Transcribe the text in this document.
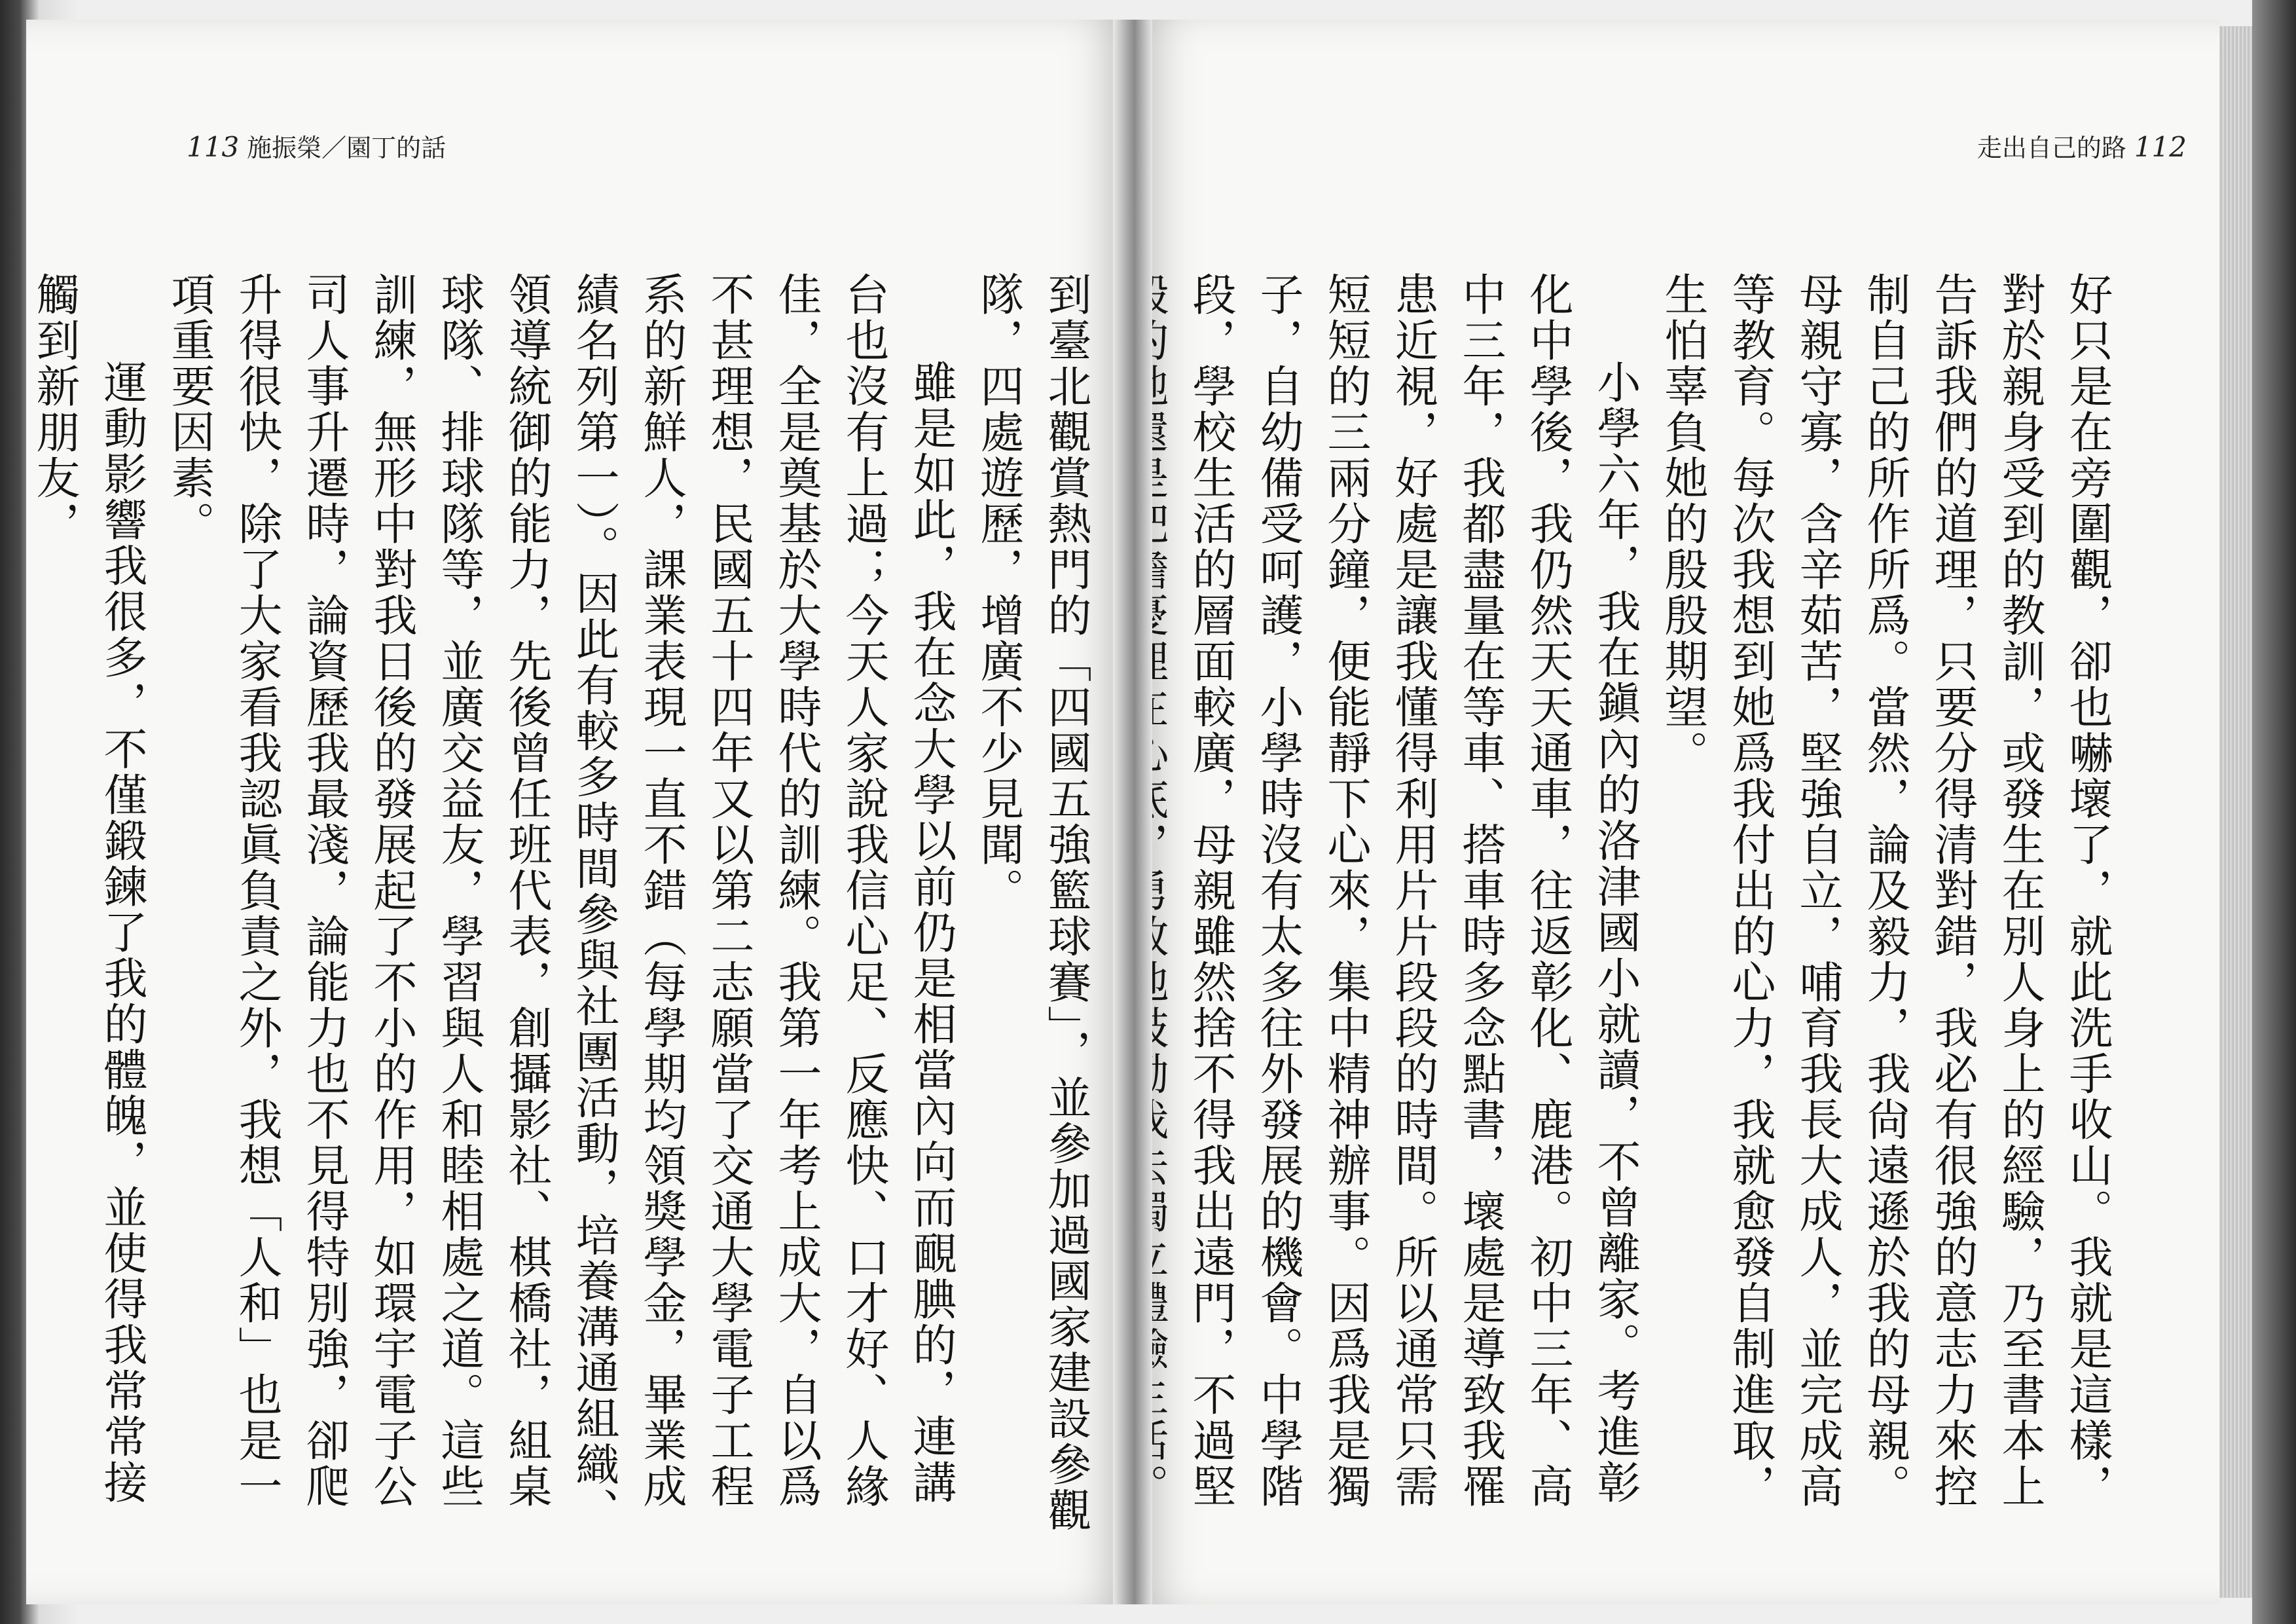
113 施振榮／園丁的話

到臺北觀賞熱門的「四國五強籃球賽」，並參加過國家建設參觀隊，四處遊歷，增廣不少見聞。

雖是如此，我在念大學以前仍是相當內向而靦腆的，連講台也沒有上過；今天人家說我信心足、反應快、口才好、人緣佳，全是奠基於大學時代的訓練。我第一年考上成大，自以爲不甚理想，民國五十四年又以第二志願當了交通大學電子工程系的新鮮人，課業表現一直不錯（每學期均領獎學金，畢業成績名列第一）。因此有較多時間參與社團活動，培養溝通組織、領導統御的能力，先後曾任班代表，創攝影社、棋橋社，組桌球隊、排球隊等，並廣交益友，學習與人和睦相處之道。這些訓練，無形中對我日後的發展起了不小的作用，如環宇電子公司人事升遷時，論資歷我最淺，論能力也不見得特別強，卻爬升得很快，除了大家看我認眞負責之外，我想「人和」也是一項重要因素。

運動影響我很多，不僅鍛鍊了我的體魄，並使得我常常接觸到新朋友，

走出自己的路 112

好只是在旁圍觀，卻也嚇壞了，就此洗手收山。我就是這樣，對於親身受到的教訓，或發生在別人身上的經驗，乃至書本上告訴我們的道理，只要分得清對錯，我必有很強的意志力來控制自己的所作所爲。當然，論及毅力，我尙遠遜於我的母親。母親守寡，含辛茹苦，堅強自立，哺育我長大成人，並完成高等教育。每次我想到她爲我付出的心力，我就愈發自制進取，生怕辜負她的殷殷期望。

小學六年，我在鎭內的洛津國小就讀，不曾離家。考進彰化中學後，我仍然天天通車，往返彰化、鹿港。初中三年、高中三年，我都盡量在等車、搭車時多念點書，壞處是導致我罹患近視，好處是讓我懂得利用片片段段的時間。所以通常只需短短的三兩分鐘，便能靜下心來，集中精神辦事。因爲我是獨子，自幼備受呵護，小學時沒有太多往外發展的機會。中學階段，學校生活的層面較廣，母親雖然捨不得我出遠門，不過堅
